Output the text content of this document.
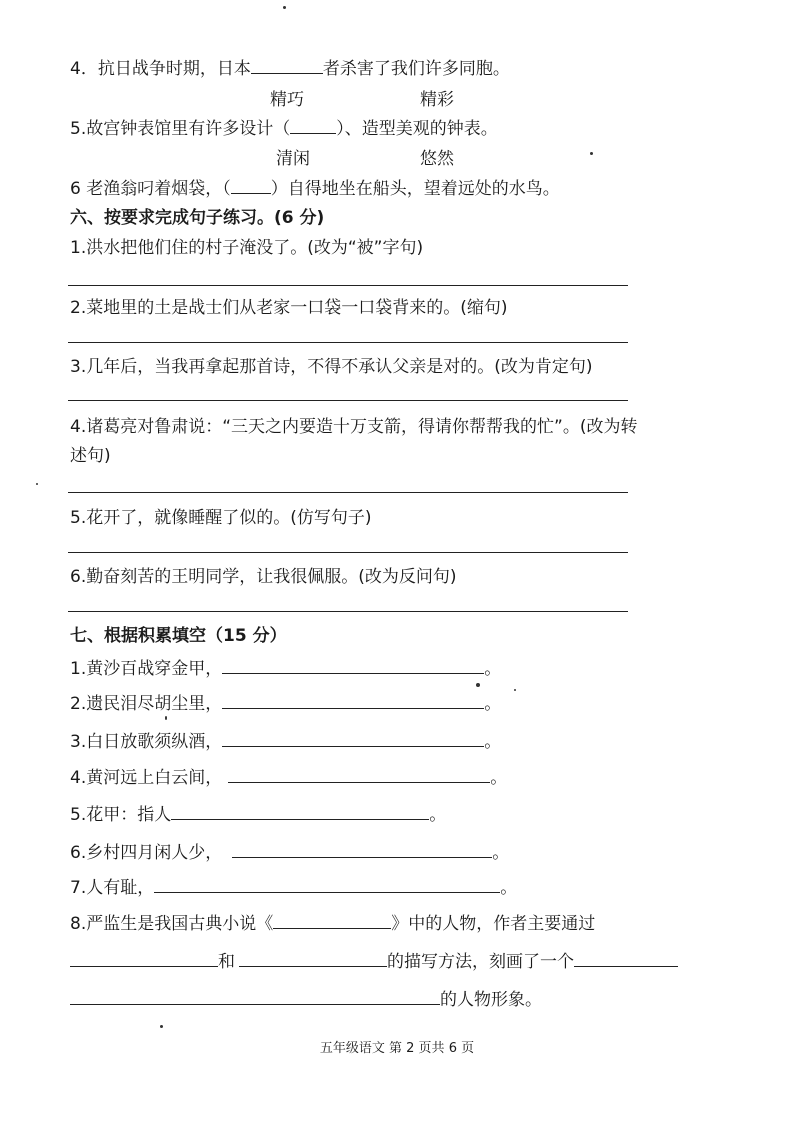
4．抗日战争时期，日本	者杀害了我们许多同胞。
精巧	精彩
5.故宫钟表馆里有许多设计（	）、造型美观的钟表。
清闲	悠然
6 老渔翁叼着烟袋，（ ）自得地坐在船头，望着远处的水鸟。
六、按要求完成句子练习。(6 分)
1.洪水把他们住的村子淹没了。(改为“被”字句)
2.菜地里的土是战士们从老家一口袋一口袋背来的。(缩句)
3.几年后，当我再拿起那首诗，不得不承认父亲是对的。(改为肯定句)
4.诸葛亮对鲁肃说：“三天之内要造十万支箭，得请你帮帮我的忙”。(改为转
述句)
5.花开了，就像睡醒了似的。(仿写句子)
6.勤奋刻苦的王明同学，让我很佩服。(改为反问句)
七、根据积累填空（15 分）
1.黄沙百战穿金甲，	。
2.遗民泪尽胡尘里，	。
3.白日放歌须纵酒，	。
4.黄河远上白云间，	。
5.花甲：指人	。
6.乡村四月闲人少，	。
7.人有耻，	。
8.严监生是我国古典小说《	》中的人物，作者主要通过
和	的描写方法，刻画了一个
的人物形象。
五年级语文 第 2 页共 6 页
